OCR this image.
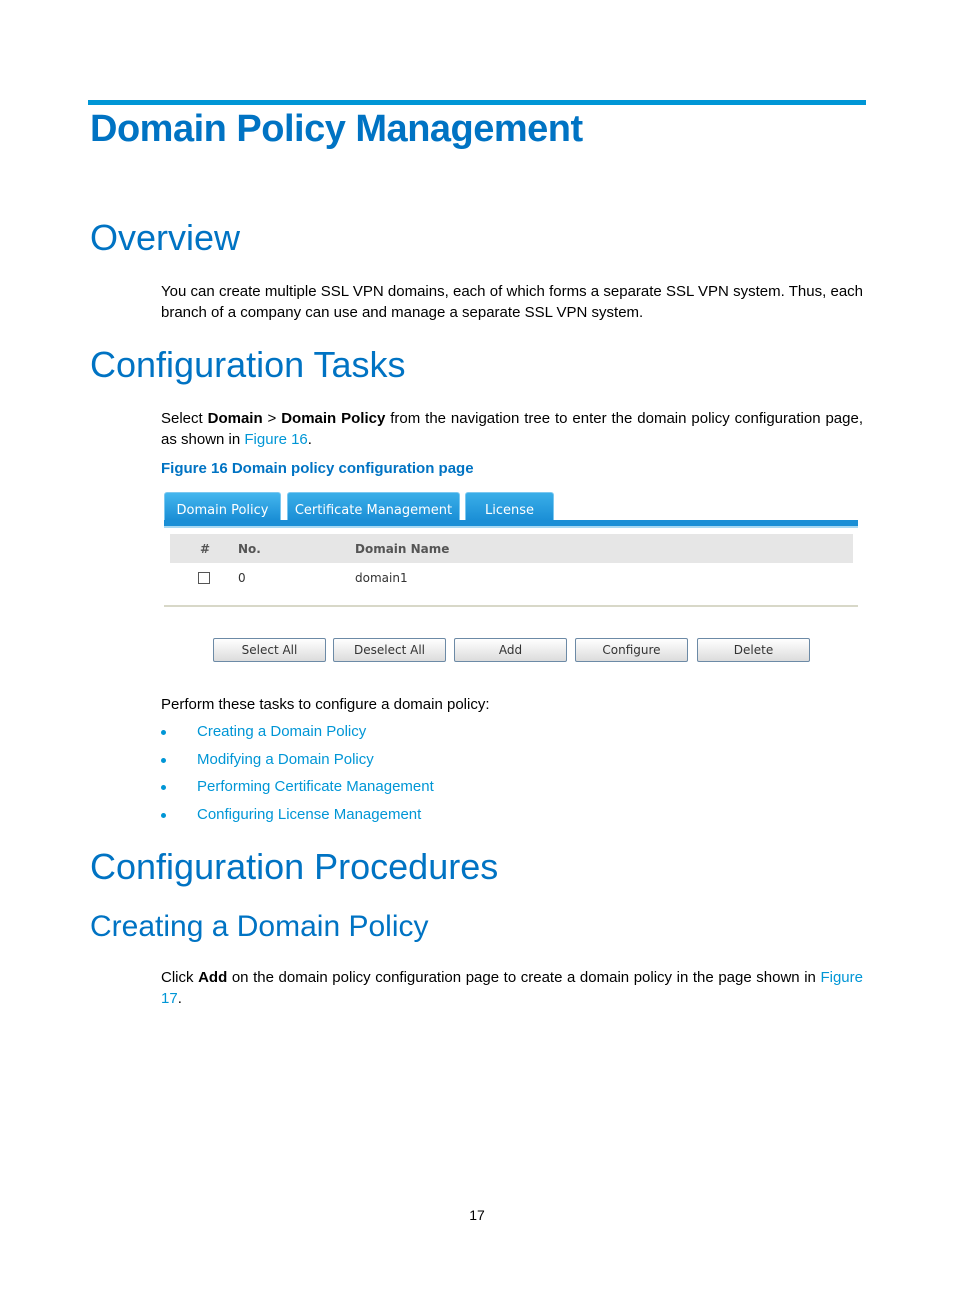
Domain Policy Management
Overview

You can create multiple SSL VPN domains, each of which forms a separate SSL VPN system. Thus, each branch of a company can use and manage a separate SSL VPN system.

Configuration Tasks

Select Domain > Domain Policy from the navigation tree to enter the domain policy configuration page, as shown in Figure 16.

Figure 16 Domain policy configuration page

Domain Policy	Certificate Management	License
# No.	Domain Name
0	domain1
Select All	Deselect All	Add	Configure	Delete

Perform these tasks to configure a domain policy:

Creating a Domain Policy
Modifying a Domain Policy
Performing Certificate Management
Configuring License Management
Configuration Procedures
Creating a Domain Policy

Click Add on the domain policy configuration page to create a domain policy in the page shown in Figure 17.

17
